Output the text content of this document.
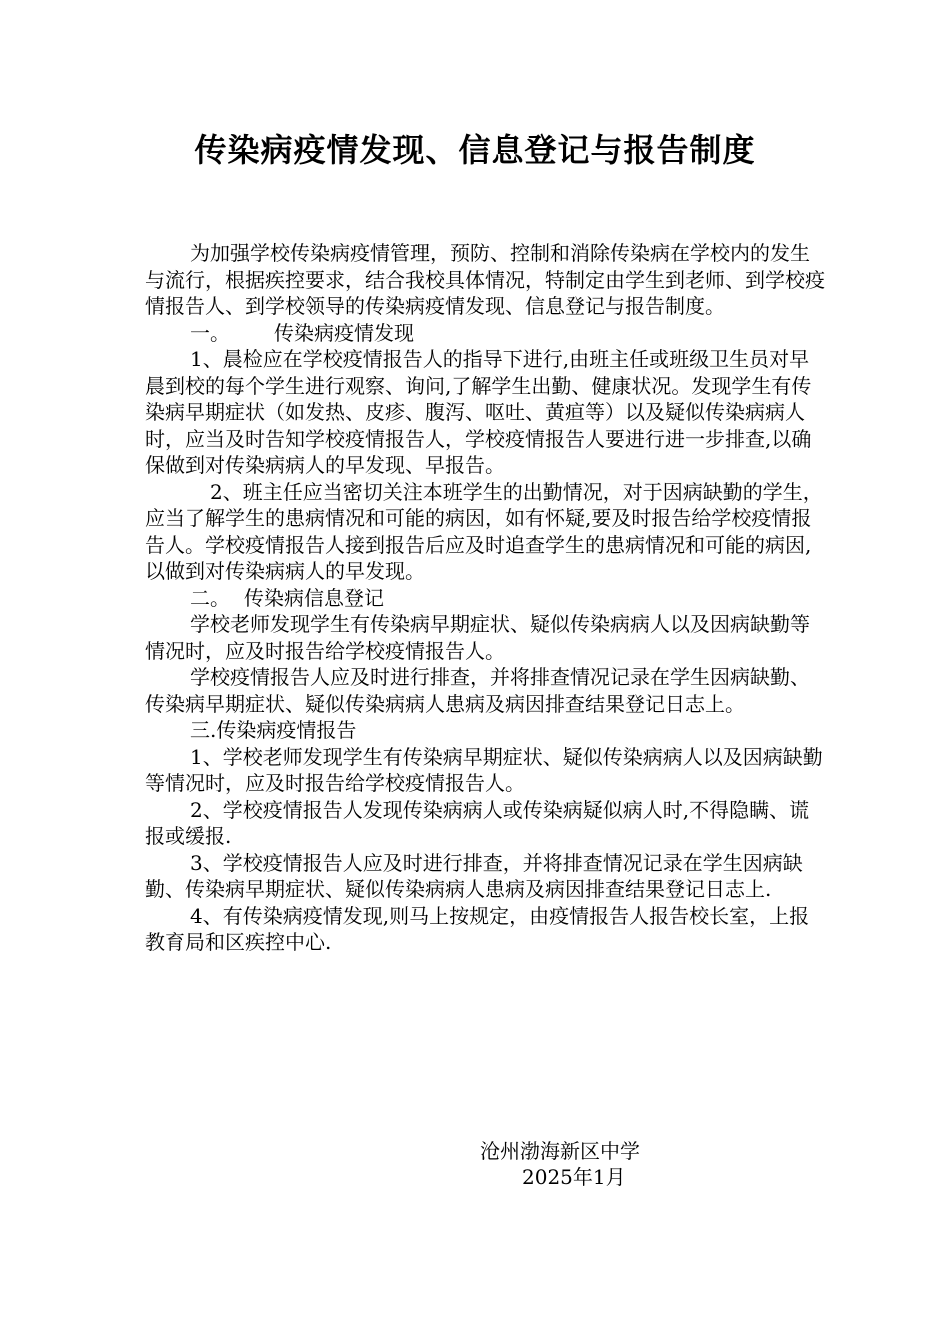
传染病疫情发现、信息登记与报告制度

为加强学校传染病疫情管理，预防、控制和消除传染病在学校内的发生与流行，根据疾控要求，结合我校具体情况，特制定由学生到老师、到学校疫情报告人、到学校领导的传染病疫情发现、信息登记与报告制度。

一。 传染病疫情发现

1、晨检应在学校疫情报告人的指导下进行,由班主任或班级卫生员对早晨到校的每个学生进行观察、询问,了解学生出勤、健康状况。发现学生有传染病早期症状（如发热、皮疹、腹泻、呕吐、黄疸等）以及疑似传染病病人时，应当及时告知学校疫情报告人，学校疫情报告人要进行进一步排查,以确保做到对传染病病人的早发现、早报告。

2、班主任应当密切关注本班学生的出勤情况，对于因病缺勤的学生，应当了解学生的患病情况和可能的病因，如有怀疑,要及时报告给学校疫情报告人。学校疫情报告人接到报告后应及时追查学生的患病情况和可能的病因,以做到对传染病病人的早发现。

二。 传染病信息登记

学校老师发现学生有传染病早期症状、疑似传染病病人以及因病缺勤等情况时，应及时报告给学校疫情报告人。

学校疫情报告人应及时进行排查，并将排查情况记录在学生因病缺勤、传染病早期症状、疑似传染病病人患病及病因排查结果登记日志上。

三.传染病疫情报告

1、学校老师发现学生有传染病早期症状、疑似传染病病人以及因病缺勤等情况时，应及时报告给学校疫情报告人。

2、学校疫情报告人发现传染病病人或传染病疑似病人时,不得隐瞒、谎报或缓报.

3、学校疫情报告人应及时进行排查，并将排查情况记录在学生因病缺勤、传染病早期症状、疑似传染病病人患病及病因排查结果登记日志上.

4、有传染病疫情发现,则马上按规定，由疫情报告人报告校长室，上报教育局和区疾控中心.

沧州渤海新区中学
2025年1月
